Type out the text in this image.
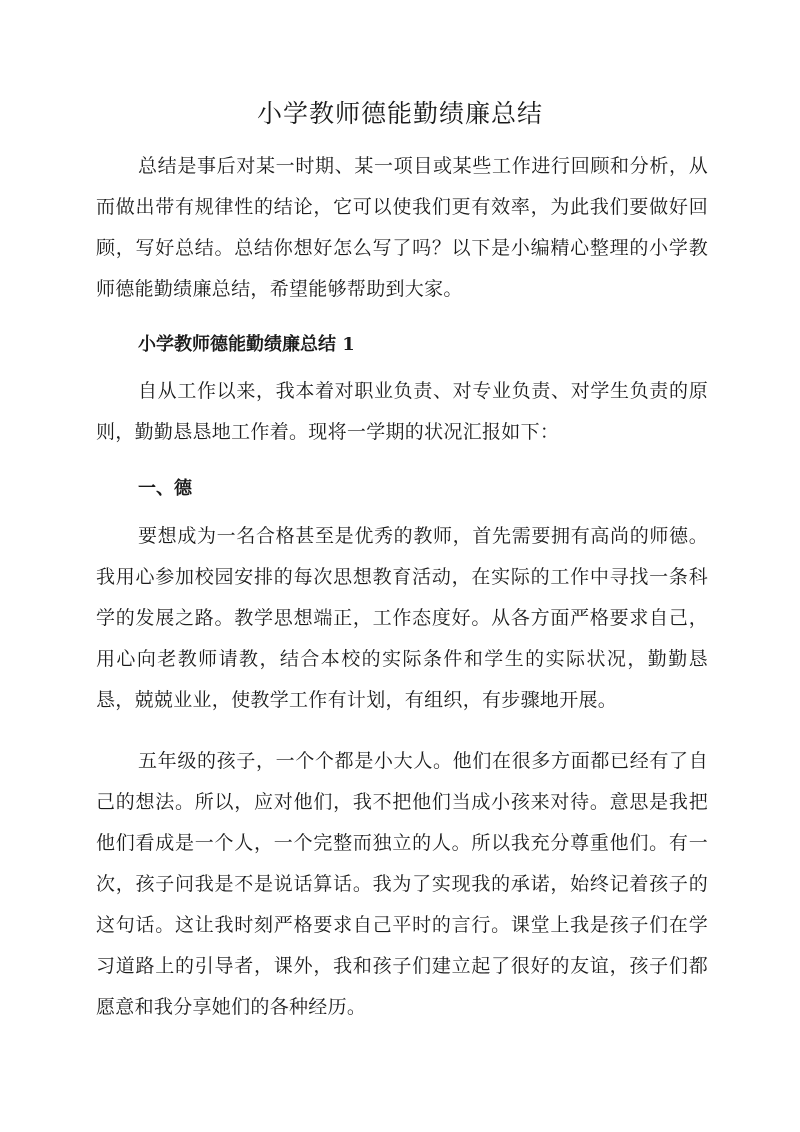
小学教师德能勤绩廉总结

总结是事后对某一时期、某一项目或某些工作进行回顾和分析，从而做出带有规律性的结论，它可以使我们更有效率，为此我们要做好回顾，写好总结。总结你想好怎么写了吗？以下是小编精心整理的小学教师德能勤绩廉总结，希望能够帮助到大家。

小学教师德能勤绩廉总结 1

自从工作以来，我本着对职业负责、对专业负责、对学生负责的原则，勤勤恳恳地工作着。现将一学期的状况汇报如下：

一、德

要想成为一名合格甚至是优秀的教师，首先需要拥有高尚的师德。我用心参加校园安排的每次思想教育活动，在实际的工作中寻找一条科学的发展之路。教学思想端正，工作态度好。从各方面严格要求自己，用心向老教师请教，结合本校的实际条件和学生的实际状况，勤勤恳恳，兢兢业业，使教学工作有计划，有组织，有步骤地开展。

五年级的孩子，一个个都是小大人。他们在很多方面都已经有了自己的想法。所以，应对他们，我不把他们当成小孩来对待。意思是我把他们看成是一个人，一个完整而独立的人。所以我充分尊重他们。有一次，孩子问我是不是说话算话。我为了实现我的承诺，始终记着孩子的这句话。这让我时刻严格要求自己平时的言行。课堂上我是孩子们在学习道路上的引导者，课外，我和孩子们建立起了很好的友谊，孩子们都愿意和我分享她们的各种经历。
